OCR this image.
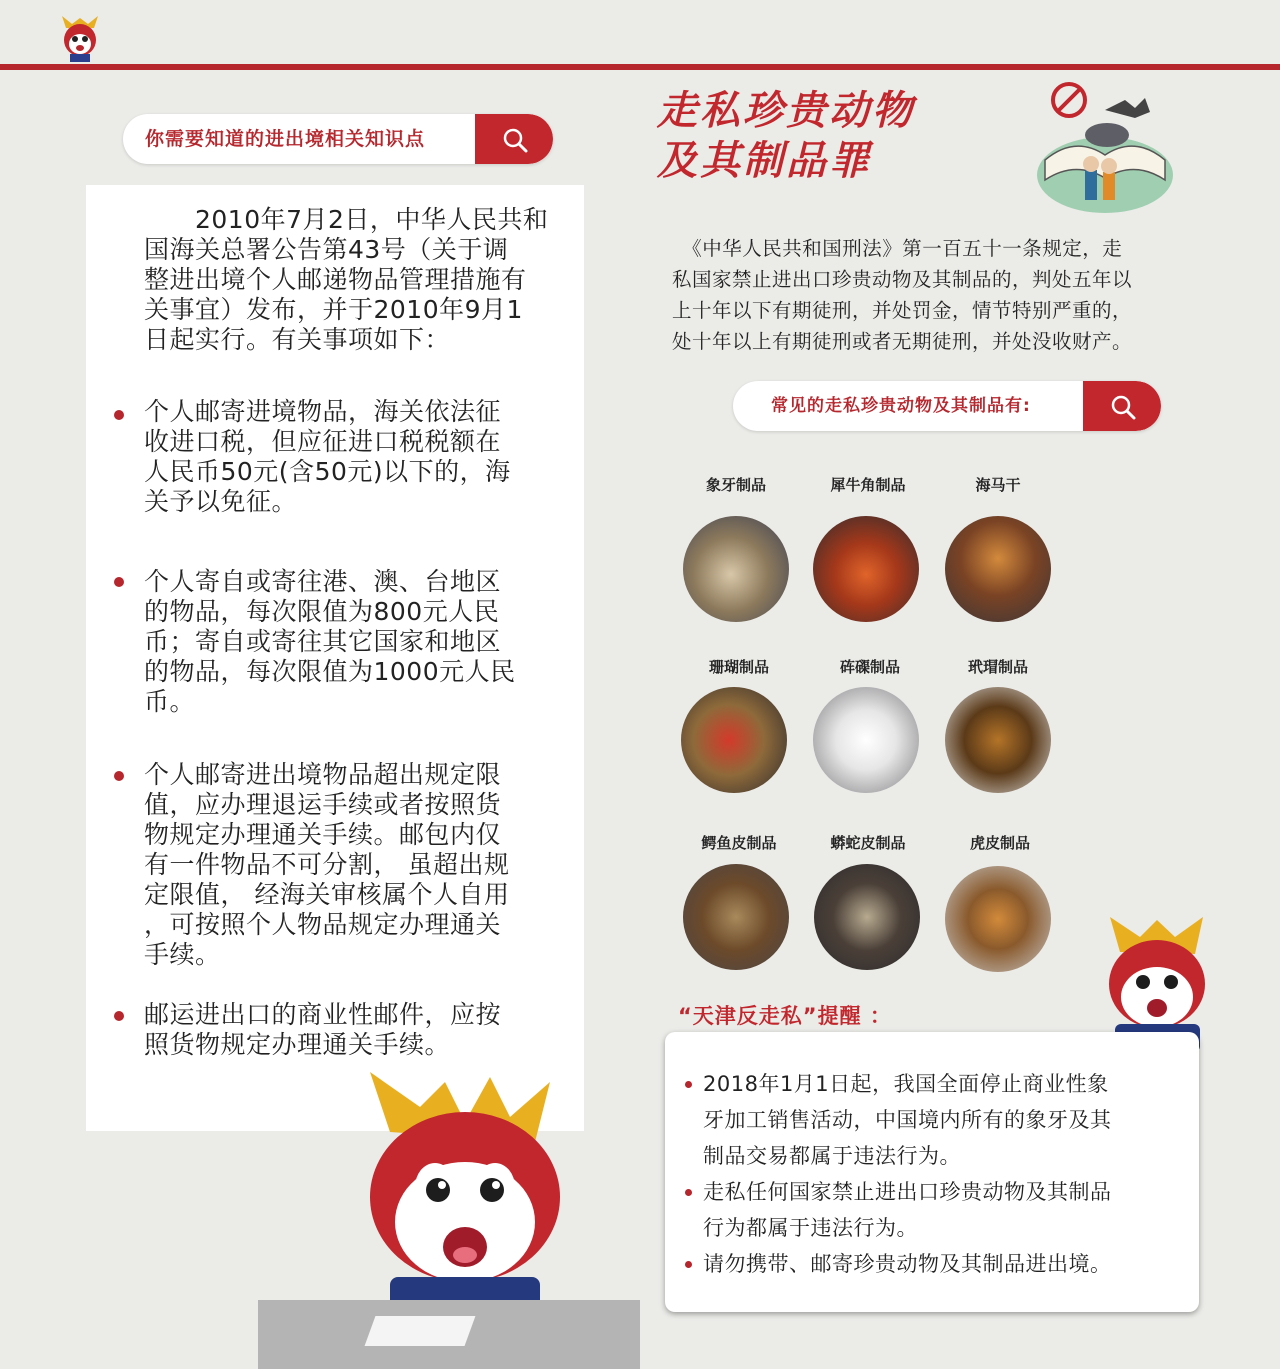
你需要知道的进出境相关知识点
　　2010年7月2日，中华人民共和
国海关总署公告第43号（关于调
整进出境个人邮递物品管理措施有
关事宜）发布，并于2010年9月1
日起实行。有关事项如下：
个人邮寄进境物品，海关依法征
收进口税，但应征进口税税额在
人民币50元(含50元)以下的，海
关予以免征。
个人寄自或寄往港、澳、台地区
的物品，每次限值为800元人民
币；寄自或寄往其它国家和地区
的物品，每次限值为1000元人民
币。
个人邮寄进出境物品超出规定限
值，应办理退运手续或者按照货
物规定办理通关手续。邮包内仅
有一件物品不可分割， 虽超出规
定限值， 经海关审核属个人自用
，可按照个人物品规定办理通关
手续。
邮运进出口的商业性邮件，应按
照货物规定办理通关手续。
走私珍贵动物
及其制品罪
　《中华人民共和国刑法》第一百五十一条规定，走
私国家禁止进出口珍贵动物及其制品的，判处五年以
上十年以下有期徒刑，并处罚金，情节特别严重的，
处十年以上有期徒刑或者无期徒刑，并处没收财产。
常见的走私珍贵动物及其制品有:
象牙制品	犀牛角制品	海马干
珊瑚制品	砗磲制品	玳瑁制品
鳄鱼皮制品	蟒蛇皮制品	虎皮制品
“天津反走私”提醒 ：
2018年1月1日起，我国全面停止商业性象
牙加工销售活动，中国境内所有的象牙及其
制品交易都属于违法行为。
走私任何国家禁止进出口珍贵动物及其制品
行为都属于违法行为。
请勿携带、邮寄珍贵动物及其制品进出境。
